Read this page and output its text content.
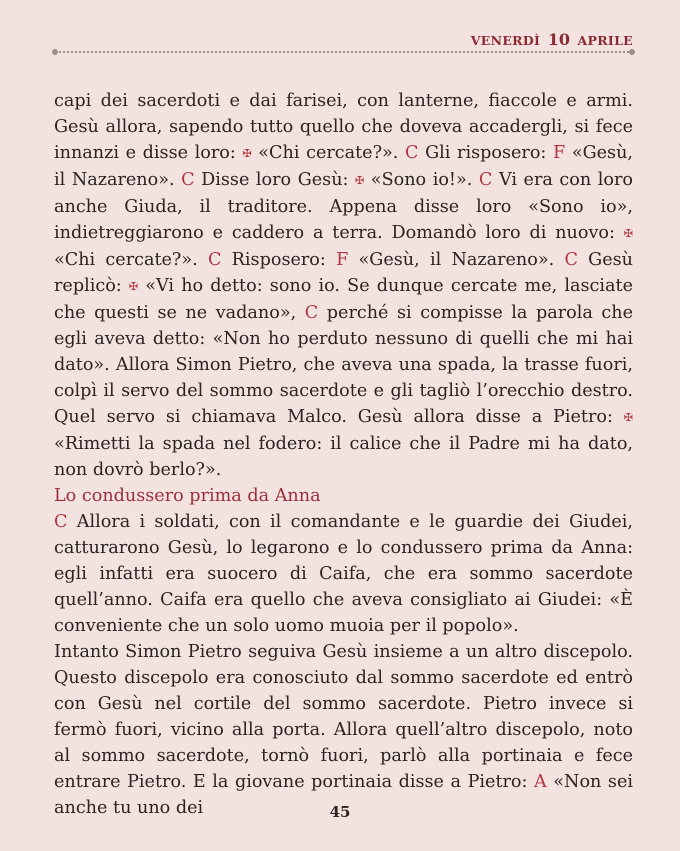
VENERDÌ 10 APRILE

capi dei sacerdoti e dai farisei, con lanterne, fiaccole e armi. Gesù allora, sapendo tutto quello che doveva accadergli, si fece innanzi e disse loro: ✠ «Chi cercate?». C Gli risposero: F «Gesù, il Nazareno». C Disse loro Gesù: ✠ «Sono io!». C Vi era con loro anche Giuda, il traditore. Appena disse loro «Sono io», indietreggiarono e caddero a terra. Domandò loro di nuovo: ✠ «Chi cercate?». C Risposero: F «Gesù, il Nazareno». C Gesù replicò: ✠ «Vi ho detto: sono io. Se dunque cercate me, lasciate che questi se ne vadano», C perché si compisse la parola che egli aveva detto: «Non ho perduto nessuno di quelli che mi hai dato». Allora Simon Pietro, che aveva una spada, la trasse fuori, colpì il servo del sommo sacerdote e gli tagliò l’orecchio destro. Quel servo si chiamava Malco. Gesù allora disse a Pietro: ✠ «Rimetti la spada nel fodero: il calice che il Padre mi ha dato, non dovrò berlo?».

Lo condussero prima da Anna

C Allora i soldati, con il comandante e le guardie dei Giudei, catturarono Gesù, lo legarono e lo condussero prima da Anna: egli infatti era suocero di Caifa, che era sommo sacerdote quell’anno. Caifa era quello che aveva consigliato ai Giudei: «È conveniente che un solo uomo muoia per il popolo».

Intanto Simon Pietro seguiva Gesù insieme a un altro discepolo. Questo discepolo era conosciuto dal sommo sacerdote ed entrò con Gesù nel cortile del sommo sacerdote. Pietro invece si fermò fuori, vicino alla porta. Allora quell’altro discepolo, noto al sommo sacerdote, tornò fuori, parlò alla portinaia e fece entrare Pietro. E la giovane portinaia disse a Pietro: A «Non sei anche tu uno dei	45
